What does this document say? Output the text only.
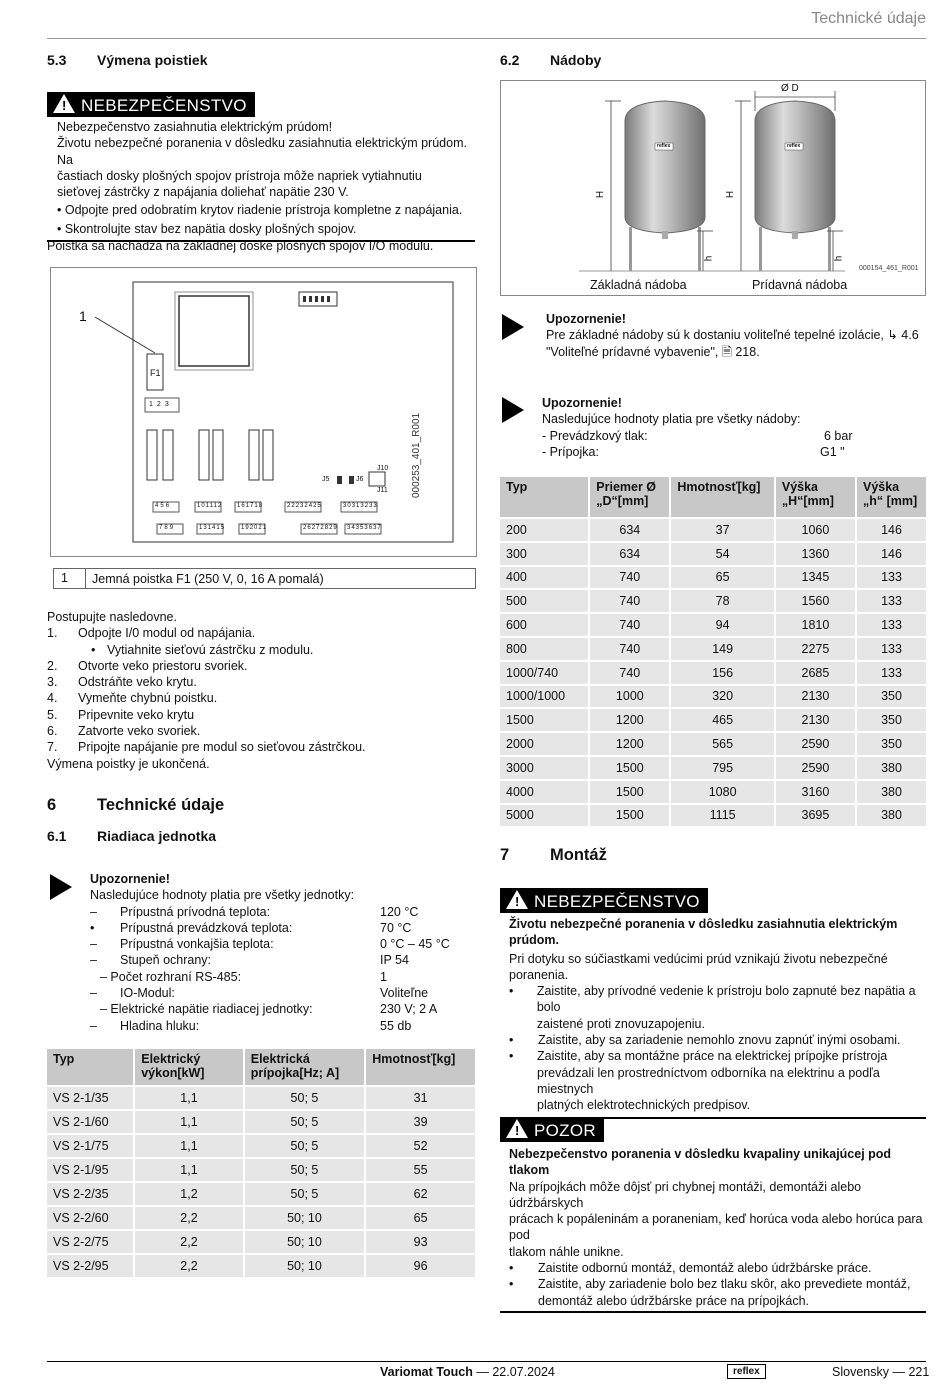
Technické údaje
5.3 Výmena poistiek
! NEBEZPEČENSTVO
Nebezpečenstvo zasiahnutia elektrickým prúdom!
Životu nebezpečné poranenia v dôsledku zasiahnutia elektrickým prúdom. Na
častiach dosky plošných spojov prístroja môže napriek vytiahnutiu
sieťovej zástrčky z napájania doliehať napätie 230 V.
• Odpojte pred odobratím krytov riadenie prístroja kompletne z napájania.
• Skontrolujte stav bez napätia dosky plošných spojov.
Poistka sa nachádza na základnej doske plošných spojov I/O modulu.
1
F1
123
J5	J6
J10
J11
456	101112 161718	22232425	30313233
789	131415	192021	26272829 34353637
000253_401_R001
1	Jemná poistka F1 (250 V, 0, 16 A pomalá)
Postupujte nasledovne.
1.	Odpojte I/0 modul od napájania.
• Vytiahnite sieťovú zástrčku z modulu.
2.	Otvorte veko priestoru svoriek.
3.	Odstráňte veko krytu.
4.	Vymeňte chybnú poistku.
5.	Pripevnite veko krytu
6.	Zatvorte veko svoriek.
7.	Pripojte napájanie pre modul so sieťovou zástrčkou.
Výmena poistky je ukončená.
6 Technické údaje
6.1 Riadiaca jednotka
Upozornenie!
Nasledujúce hodnoty platia pre všetky jednotky:
– Prípustná prívodná teplota:	120 °C
• Prípustná prevádzková teplota:	70 °C
– Prípustná vonkajšia teplota:	0 °C – 45 °C
– Stupeň ochrany:	IP 54
– Počet rozhraní RS-485:	1
– IO-Modul:	Voliteľne
– Elektrické napätie riadiacej jednotky:	230 V; 2 A
– Hladina hluku:	55 db
Typ	Elektrický výkon[kW]	Elektrická prípojka[Hz; A]	Hmotnosť[kg]
VS 2-1/35	1,1	50; 5	31
VS 2-1/60	1,1	50; 5	39
VS 2-1/75	1,1	50; 5	52
VS 2-1/95	1,1	50; 5	55
VS 2-2/35	1,2	50; 5	62
VS 2-2/60	2,2	50; 10	65
VS 2-2/75	2,2	50; 10	93
VS 2-2/95	2,2	50; 10	96
6.2 Nádoby
Ø D
H	H
h	h
reflex	reflex
000154_461_R001
Základná nádoba	Prídavná nádoba
Upozornenie!
Pre základné nádoby sú k dostaniu voliteľné tepelné izolácie, ↳ 4.6
"Voliteľné prídavné vybavenie", 🗎 218.
Upozornenie!
Nasledujúce hodnoty platia pre všetky nádoby:
- Prevádzkový tlak:	6 bar
- Prípojka:	G1 "
Typ	Priemer Ø „D“[mm]	Hmotnosť[kg]	Výška „H“[mm]	Výška „h“ [mm]
200	634	37	1060	146
300	634	54	1360	146
400	740	65	1345	133
500	740	78	1560	133
600	740	94	1810	133
800	740	149	2275	133
1000/740	740	156	2685	133
1000/1000	1000	320	2130	350
1500	1200	465	2130	350
2000	1200	565	2590	350
3000	1500	795	2590	380
4000	1500	1080	3160	380
5000	1500	1115	3695	380
7 Montáž
! NEBEZPEČENSTVO
Životu nebezpečné poranenia v dôsledku zasiahnutia elektrickým
prúdom.
Pri dotyku so súčiastkami vedúcimi prúd vznikajú životu nebezpečné
poranenia.
•	Zaistite, aby prívodné vedenie k prístroju bolo zapnuté bez napätia a bolo
zaistené proti znovuzapojeniu.
•	Zaistite, aby sa zariadenie nemohlo znovu zapnúť inými osobami.
•	Zaistite, aby sa montážne práce na elektrickej prípojke prístroja
prevádzali len prostredníctvom odborníka na elektrinu a podľa miestnych
platných elektrotechnických predpisov.
! POZOR
Nebezpečenstvo poranenia v dôsledku kvapaliny unikajúcej pod tlakom
Na prípojkách môže dôjsť pri chybnej montáži, demontáži alebo údržbárskych
prácach k popáleninám a poraneniam, keď horúca voda alebo horúca para pod
tlakom náhle unikne.
•	Zaistite odbornú montáž, demontáž alebo údržbárske práce.
•	Zaistite, aby zariadenie bolo bez tlaku skôr, ako prevediete montáž,
demontáž alebo údržbárske práce na prípojkách.
Variomat Touch — 22.07.2024	reflex	Slovensky — 221
